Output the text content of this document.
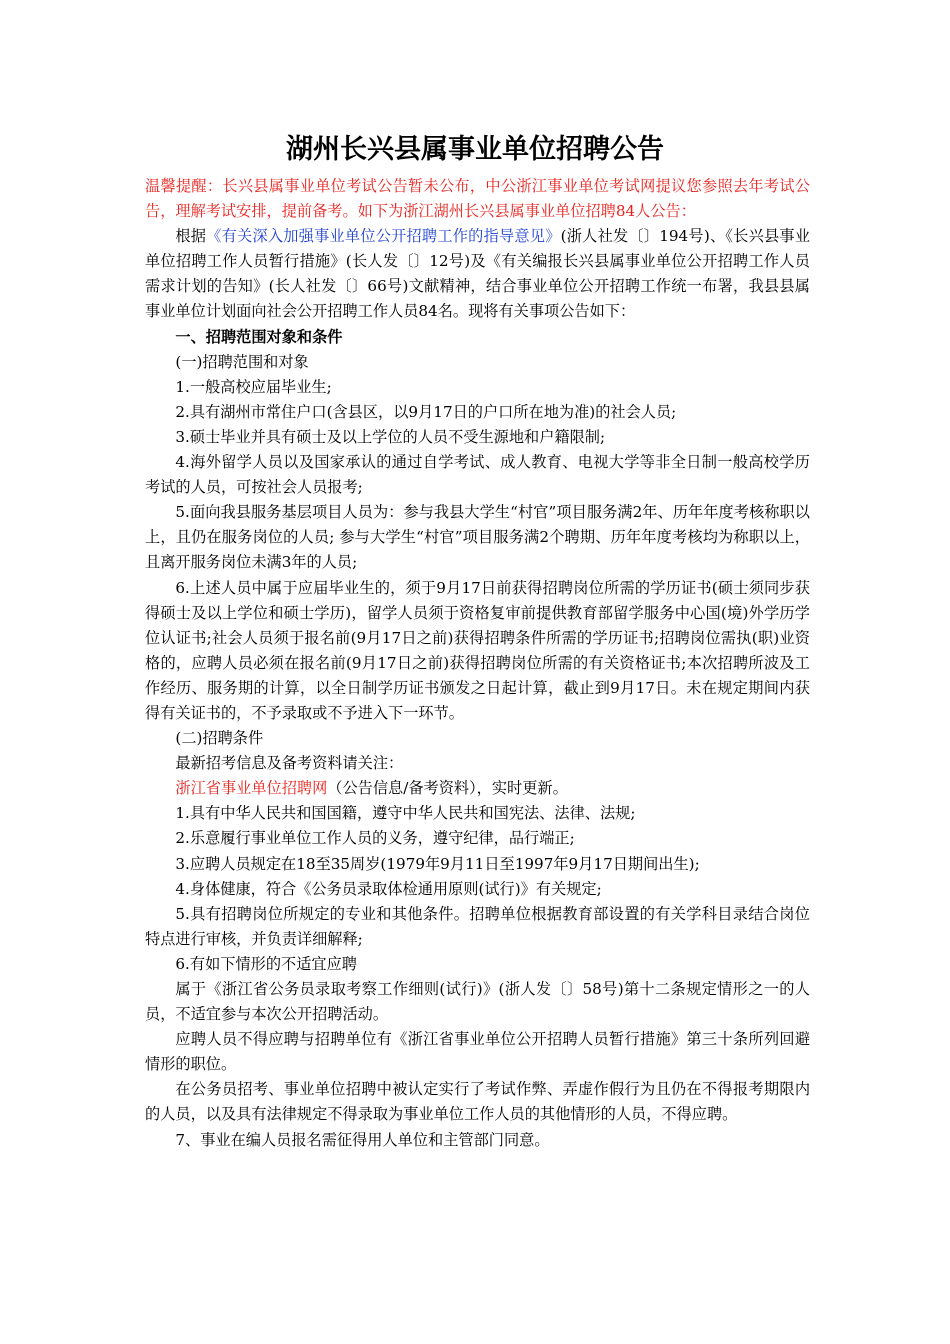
湖州长兴县属事业单位招聘公告

温馨提醒：长兴县属事业单位考试公告暂未公布，中公浙江事业单位考试网提议您参照去年考试公告，理解考试安排，提前备考。如下为浙江湖州长兴县属事业单位招聘84人公告：

根据《有关深入加强事业单位公开招聘工作的指导意见》(浙人社发〔〕194号)、《长兴县事业单位招聘工作人员暂行措施》(长人发〔〕12号)及《有关编报长兴县属事业单位公开招聘工作人员需求计划的告知》(长人社发〔〕66号)文献精神，结合事业单位公开招聘工作统一布署，我县县属事业单位计划面向社会公开招聘工作人员84名。现将有关事项公告如下：

一、招聘范围对象和条件

(一)招聘范围和对象

1.一般高校应届毕业生;

2.具有湖州市常住户口(含县区，以9月17日的户口所在地为准)的社会人员;

3.硕士毕业并具有硕士及以上学位的人员不受生源地和户籍限制;

4.海外留学人员以及国家承认的通过自学考试、成人教育、电视大学等非全日制一般高校学历考试的人员，可按社会人员报考;

5.面向我县服务基层项目人员为：参与我县大学生“村官”项目服务满2年、历年年度考核称职以上，且仍在服务岗位的人员; 参与大学生“村官”项目服务满2个聘期、历年年度考核均为称职以上，且离开服务岗位未满3年的人员;

6.上述人员中属于应届毕业生的，须于9月17日前获得招聘岗位所需的学历证书(硕士须同步获得硕士及以上学位和硕士学历)，留学人员须于资格复审前提供教育部留学服务中心国(境)外学历学位认证书;社会人员须于报名前(9月17日之前)获得招聘条件所需的学历证书;招聘岗位需执(职)业资格的，应聘人员必须在报名前(9月17日之前)获得招聘岗位所需的有关资格证书;本次招聘所波及工作经历、服务期的计算，以全日制学历证书颁发之日起计算，截止到9月17日。未在规定期间内获得有关证书的，不予录取或不予进入下一环节。

(二)招聘条件

最新招考信息及备考资料请关注：

浙江省事业单位招聘网（公告信息/备考资料），实时更新。

1.具有中华人民共和国国籍，遵守中华人民共和国宪法、法律、法规;

2.乐意履行事业单位工作人员的义务，遵守纪律，品行端正;

3.应聘人员规定在18至35周岁(1979年9月11日至1997年9月17日期间出生);

4.身体健康，符合《公务员录取体检通用原则(试行)》有关规定;

5.具有招聘岗位所规定的专业和其他条件。招聘单位根据教育部设置的有关学科目录结合岗位特点进行审核，并负责详细解释;

6.有如下情形的不适宜应聘

属于《浙江省公务员录取考察工作细则(试行)》(浙人发〔〕58号)第十二条规定情形之一的人员，不适宜参与本次公开招聘活动。

应聘人员不得应聘与招聘单位有《浙江省事业单位公开招聘人员暂行措施》第三十条所列回避情形的职位。

在公务员招考、事业单位招聘中被认定实行了考试作弊、弄虚作假行为且仍在不得报考期限内的人员，以及具有法律规定不得录取为事业单位工作人员的其他情形的人员，不得应聘。

7、事业在编人员报名需征得用人单位和主管部门同意。
